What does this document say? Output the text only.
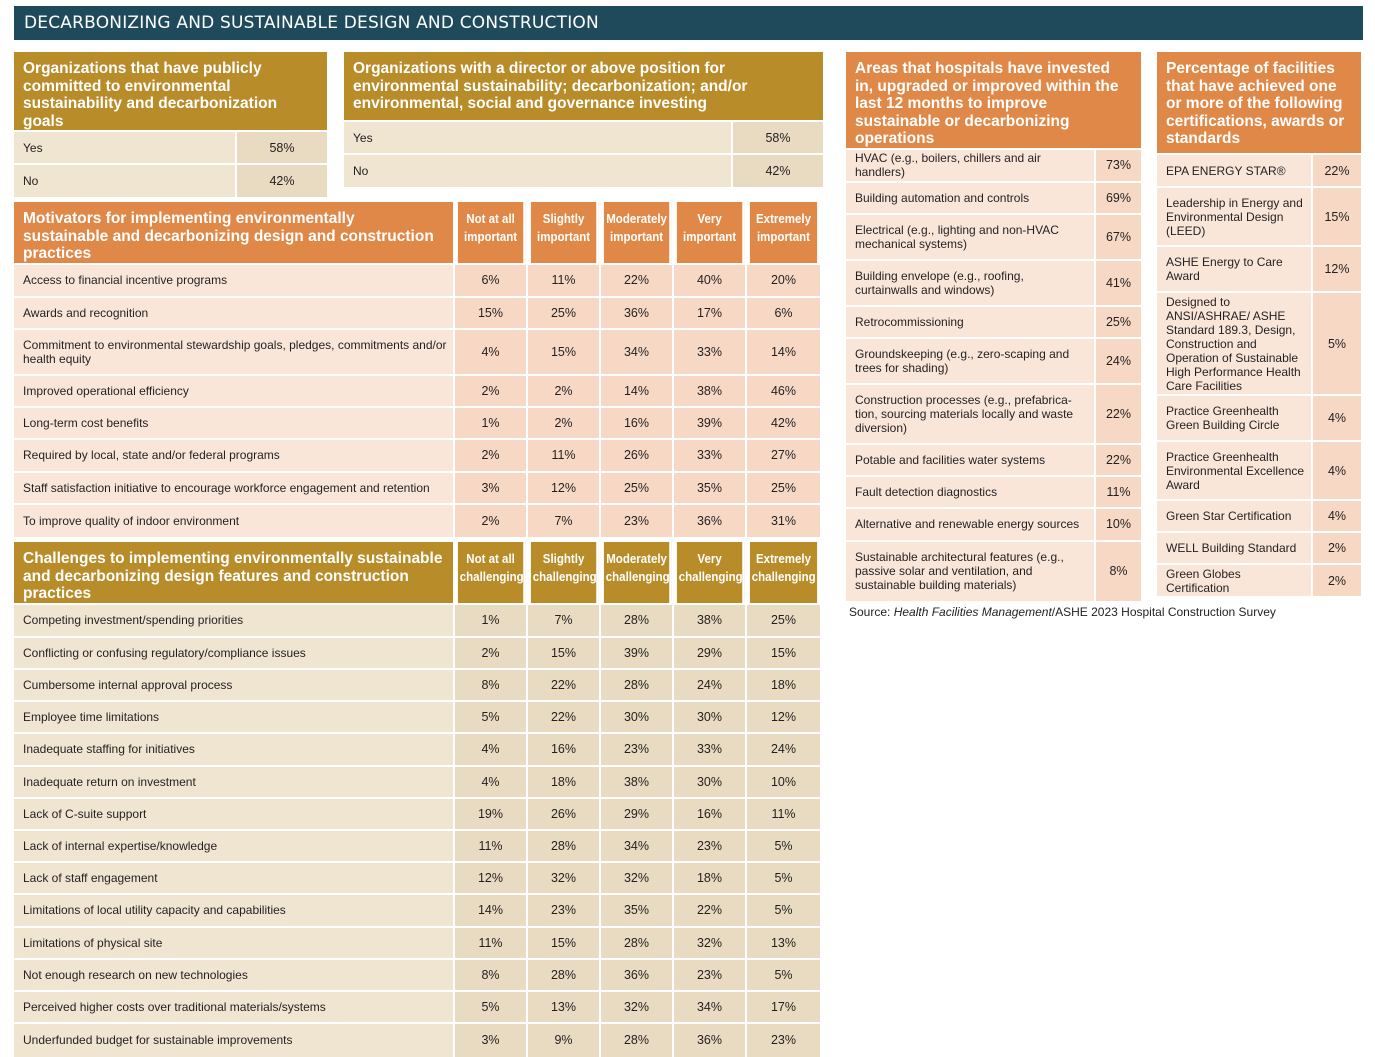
DECARBONIZING AND SUSTAINABLE DESIGN AND CONSTRUCTION
Organizations that have publicly committed to environmental sustainability and decarbonization goals	
Yes	58%
No	42%
Organizations with a director or above position for environmental sustainability; decarbonization; and/or environmental, social and governance investing	
Yes	58%
No	42%
Motivators for implementing environmentally sustainable and decarbonizing design and construction practices	Not at all important	Slightly important	Moderately important	Very important	Extremely important
Access to financial incentive programs	6%	11%	22%	40%	20%
Awards and recognition	15%	25%	36%	17%	6%
Commitment to environmental stewardship goals, pledges, commitments and/or health equity	4%	15%	34%	33%	14%
Improved operational efficiency	2%	2%	14%	38%	46%
Long-term cost benefits	1%	2%	16%	39%	42%
Required by local, state and/or federal programs	2%	11%	26%	33%	27%
Staff satisfaction initiative to encourage workforce engagement and retention	3%	12%	25%	35%	25%
To improve quality of indoor environment	2%	7%	23%	36%	31%
Challenges to implementing environmentally sustainable and decarbonizing design features and construction practices	Not at all challenging	Slightly challenging	Moderately challenging	Very challenging	Extremely challenging
Competing investment/spending priorities	1%	7%	28%	38%	25%
Conflicting or confusing regulatory/compliance issues	2%	15%	39%	29%	15%
Cumbersome internal approval process	8%	22%	28%	24%	18%
Employee time limitations	5%	22%	30%	30%	12%
Inadequate staffing for initiatives	4%	16%	23%	33%	24%
Inadequate return on investment	4%	18%	38%	30%	10%
Lack of C-suite support	19%	26%	29%	16%	11%
Lack of internal expertise/knowledge	11%	28%	34%	23%	5%
Lack of staff engagement	12%	32%	32%	18%	5%
Limitations of local utility capacity and capabilities	14%	23%	35%	22%	5%
Limitations of physical site	11%	15%	28%	32%	13%
Not enough research on new technologies	8%	28%	36%	23%	5%
Perceived higher costs over traditional materials/systems	5%	13%	32%	34%	17%
Underfunded budget for sustainable improvements	3%	9%	28%	36%	23%
Areas that hospitals have invested in, upgraded or improved within the last 12 months to improve sustainable or decarbonizing operations	
HVAC (e.g., boilers, chillers and air handlers)	73%
Building automation and controls	69%
Electrical (e.g., lighting and non-HVAC mechanical systems)	67%
Building envelope (e.g., roofing, curtainwalls and windows)	41%
Retrocommissioning	25%
Groundskeeping (e.g., zero-scaping and trees for shading)	24%
Construction processes (e.g., prefabrica-tion, sourcing materials locally and waste diversion)	22%
Potable and facilities water systems	22%
Fault detection diagnostics	11%
Alternative and renewable energy sources	10%
Sustainable architectural features (e.g., passive solar and ventilation, and sustainable building materials)	8%
Percentage of facilities that have achieved one or more of the following certifications, awards or standards	
EPA ENERGY STAR®	22%
Leadership in Energy and Environmental Design (LEED)	15%
ASHE Energy to Care Award	12%
Designed to ANSI/ASHRAE/ ASHE Standard 189.3, Design, Construction and Operation of Sustainable High Performance Health Care Facilities	5%
Practice Greenhealth Green Building Circle	4%
Practice Greenhealth Environmental Excellence Award	4%
Green Star Certification	4%
WELL Building Standard	2%
Green Globes Certification	2%
Source: Health Facilities Management/ASHE 2023 Hospital Construction Survey
